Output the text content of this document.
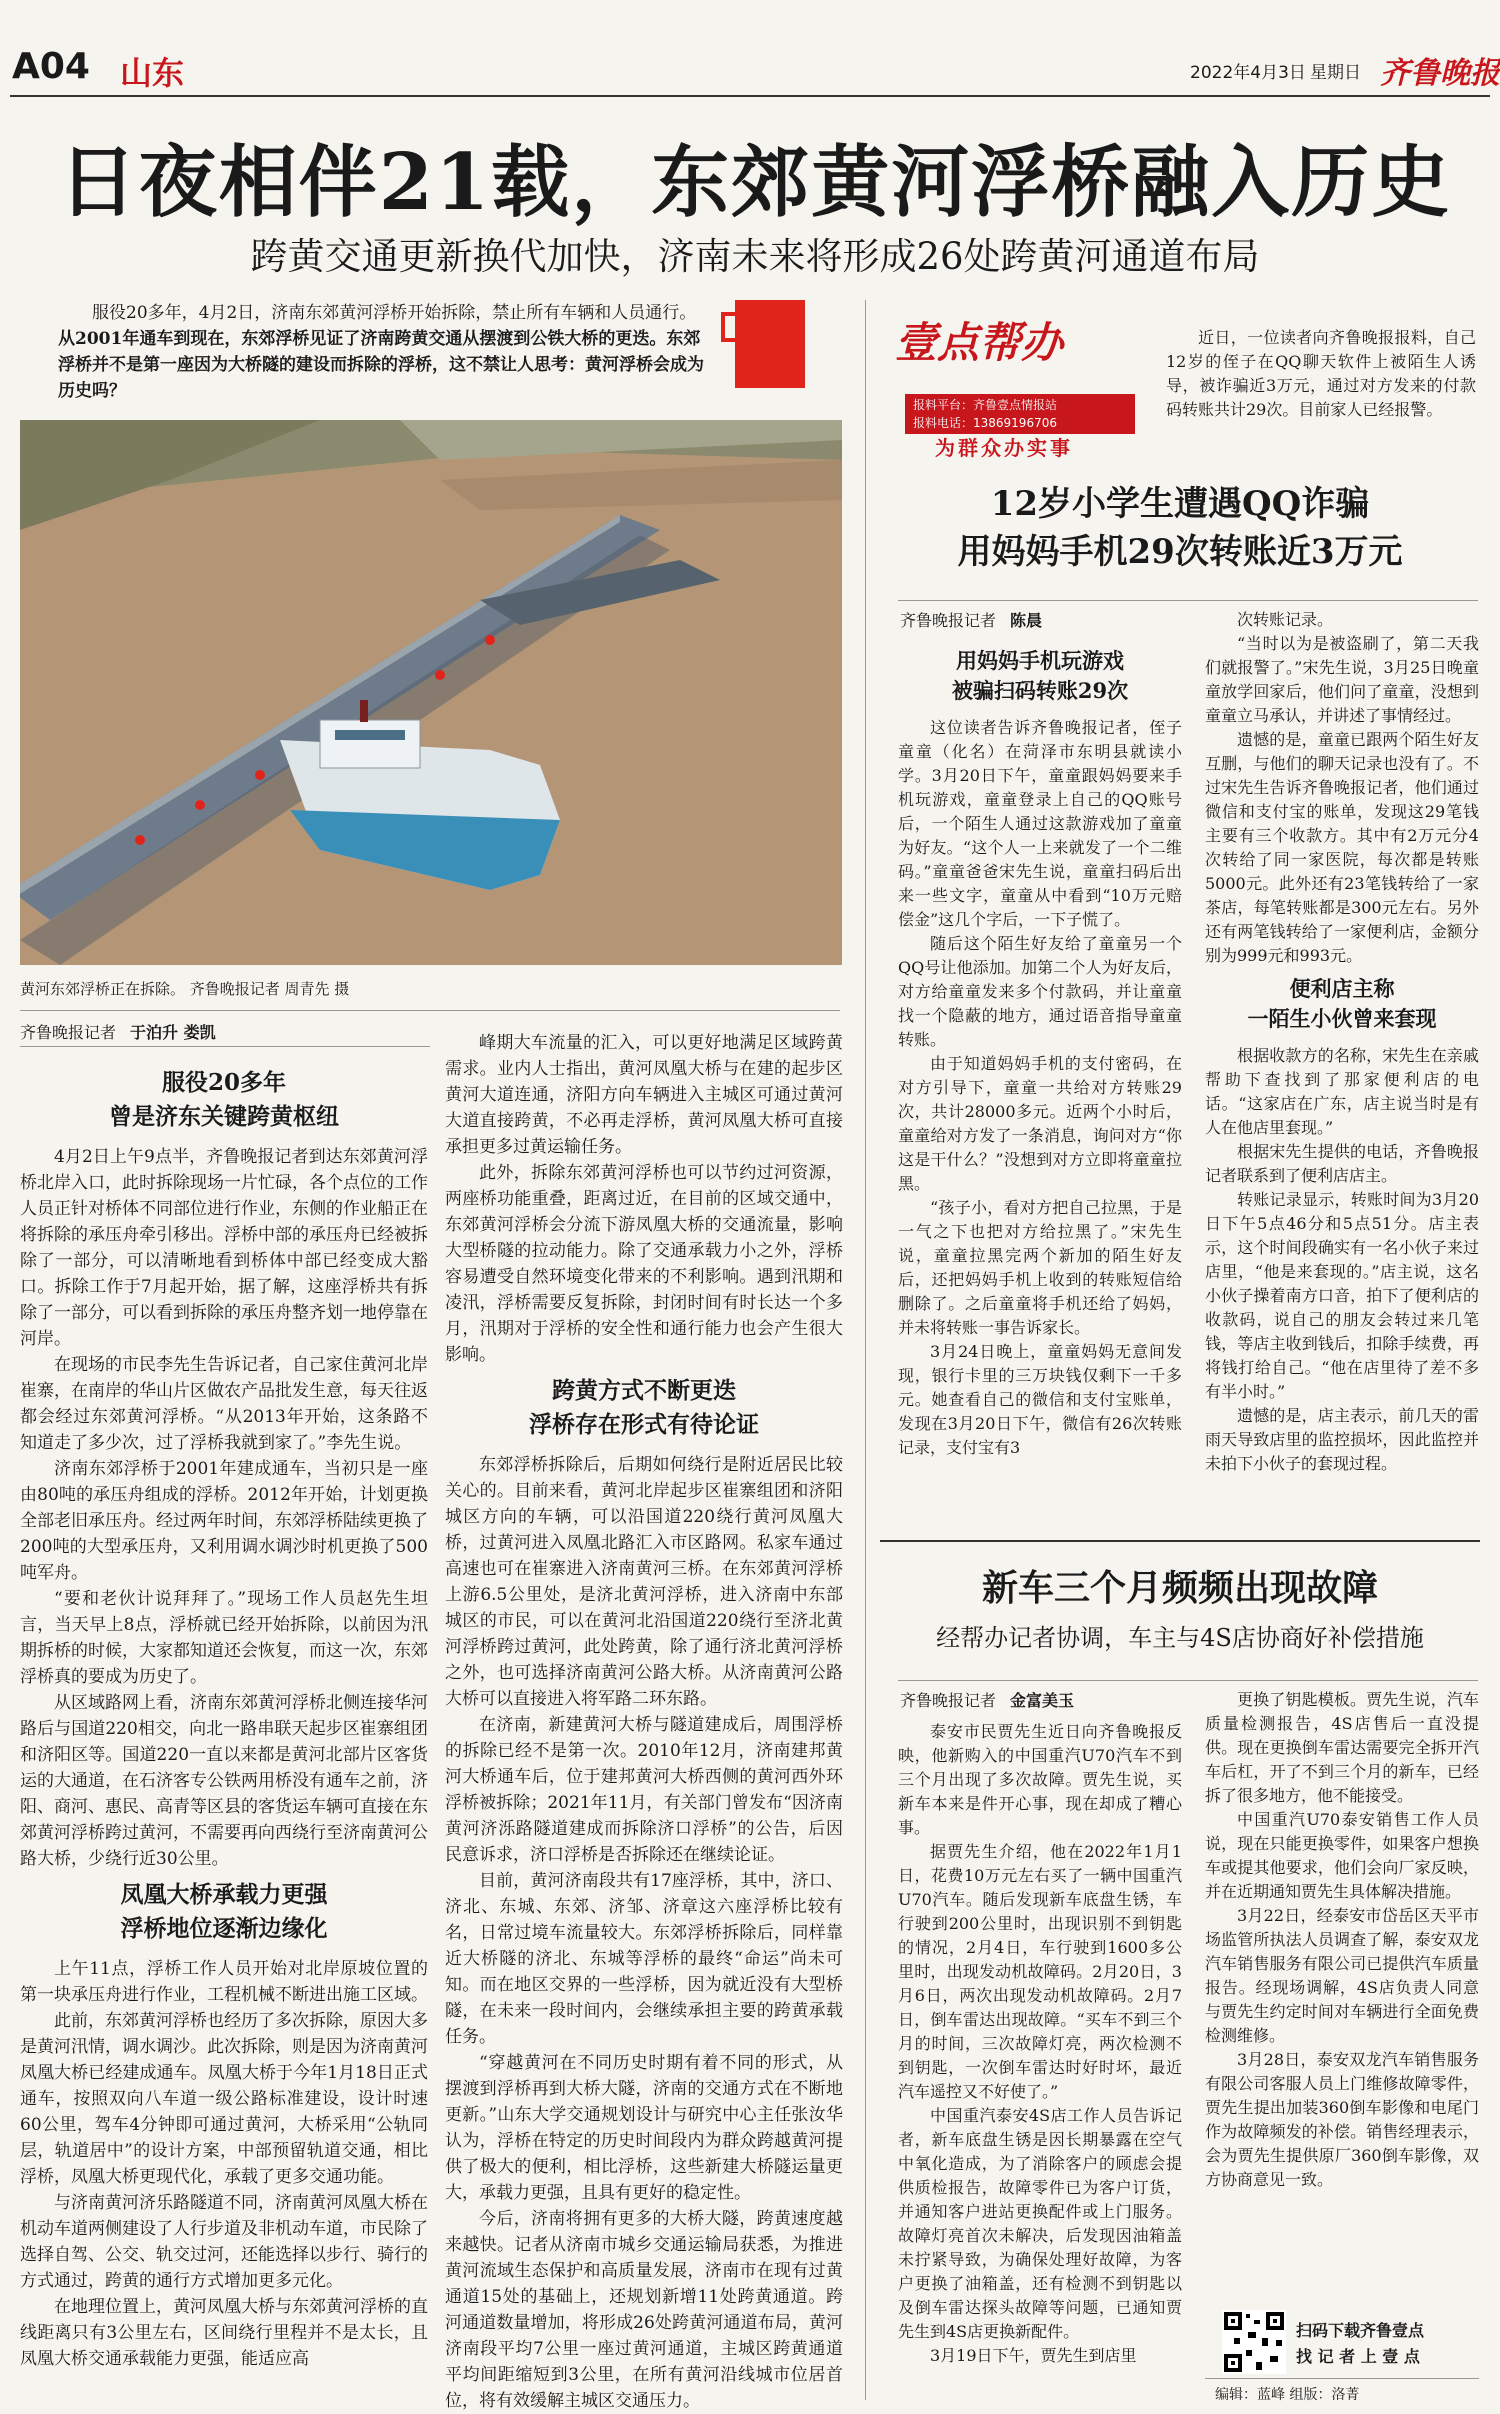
A04 山东	2022年4月3日 星期日 齐鲁晚报
日夜相伴21载，东郊黄河浮桥融入历史
跨黄交通更新换代加快，济南未来将形成26处跨黄河通道布局
服役20多年，4月2日，济南东郊黄河浮桥开始拆除，禁止所有车辆和人员通行。从2001年通车到现在，东郊浮桥见证了济南跨黄交通从摆渡到公铁大桥的更迭。东郊浮桥并不是第一座因为大桥隧的建设而拆除的浮桥，这不禁让人思考：黄河浮桥会成为历史吗？
黄河东郊浮桥正在拆除。 齐鲁晚报记者 周青先 摄
齐鲁晚报记者 于泊升 娄凯
服役20多年
曾是济东关键跨黄枢纽

4月2日上午9点半，齐鲁晚报记者到达东郊黄河浮桥北岸入口，此时拆除现场一片忙碌，各个点位的工作人员正针对桥体不同部位进行作业，东侧的作业船正在将拆除的承压舟牵引移出。浮桥中部的承压舟已经被拆除了一部分，可以清晰地看到桥体中部已经变成大豁口。拆除工作于7月起开始，据了解，这座浮桥共有拆除了一部分，可以看到拆除的承压舟整齐划一地停靠在河岸。

在现场的市民李先生告诉记者，自己家住黄河北岸崔寨，在南岸的华山片区做农产品批发生意，每天往返都会经过东郊黄河浮桥。“从2013年开始，这条路不知道走了多少次，过了浮桥我就到家了。”李先生说。

济南东郊浮桥于2001年建成通车，当初只是一座由80吨的承压舟组成的浮桥。2012年开始，计划更换全部老旧承压舟。经过两年时间，东郊浮桥陆续更换了200吨的大型承压舟，又利用调水调沙时机更换了500吨军舟。

“要和老伙计说拜拜了。”现场工作人员赵先生坦言，当天早上8点，浮桥就已经开始拆除，以前因为汛期拆桥的时候，大家都知道还会恢复，而这一次，东郊浮桥真的要成为历史了。

从区域路网上看，济南东郊黄河浮桥北侧连接华河路后与国道220相交，向北一路串联天起步区崔寨组团和济阳区等。国道220一直以来都是黄河北部片区客货运的大通道，在石济客专公铁两用桥没有通车之前，济阳、商河、惠民、高青等区县的客货运车辆可直接在东郊黄河浮桥跨过黄河，不需要再向西绕行至济南黄河公路大桥，少绕行近30公里。

凤凰大桥承载力更强
浮桥地位逐渐边缘化

上午11点，浮桥工作人员开始对北岸原坡位置的第一块承压舟进行作业，工程机械不断进出施工区域。

此前，东郊黄河浮桥也经历了多次拆除，原因大多是黄河汛情，调水调沙。此次拆除，则是因为济南黄河凤凰大桥已经建成通车。凤凰大桥于今年1月18日正式通车，按照双向八车道一级公路标准建设，设计时速60公里，驾车4分钟即可通过黄河，大桥采用“公轨同层，轨道居中”的设计方案，中部预留轨道交通，相比浮桥，凤凰大桥更现代化，承载了更多交通功能。

与济南黄河济乐路隧道不同，济南黄河凤凰大桥在机动车道两侧建设了人行步道及非机动车道，市民除了选择自驾、公交、轨交过河，还能选择以步行、骑行的方式通过，跨黄的通行方式增加更多元化。

在地理位置上，黄河凤凰大桥与东郊黄河浮桥的直线距离只有3公里左右，区间绕行里程并不是太长，且凤凰大桥交通承载能力更强，能适应高

峰期大车流量的汇入，可以更好地满足区域跨黄需求。业内人士指出，黄河凤凰大桥与在建的起步区黄河大道连通，济阳方向车辆进入主城区可通过黄河大道直接跨黄，不必再走浮桥，黄河凤凰大桥可直接承担更多过黄运输任务。

此外，拆除东郊黄河浮桥也可以节约过河资源，两座桥功能重叠，距离过近，在目前的区域交通中，东郊黄河浮桥会分流下游凤凰大桥的交通流量，影响大型桥隧的拉动能力。除了交通承载力小之外，浮桥容易遭受自然环境变化带来的不利影响。遇到汛期和凌汛，浮桥需要反复拆除，封闭时间有时长达一个多月，汛期对于浮桥的安全性和通行能力也会产生很大影响。

跨黄方式不断更迭
浮桥存在形式有待论证

东郊浮桥拆除后，后期如何绕行是附近居民比较关心的。目前来看，黄河北岸起步区崔寨组团和济阳城区方向的车辆，可以沿国道220绕行黄河凤凰大桥，过黄河进入凤凰北路汇入市区路网。私家车通过高速也可在崔寨进入济南黄河三桥。在东郊黄河浮桥上游6.5公里处，是济北黄河浮桥，进入济南中东部城区的市民，可以在黄河北沿国道220绕行至济北黄河浮桥跨过黄河，此处跨黄，除了通行济北黄河浮桥之外，也可选择济南黄河公路大桥。从济南黄河公路大桥可以直接进入将军路二环东路。

在济南，新建黄河大桥与隧道建成后，周围浮桥的拆除已经不是第一次。2010年12月，济南建邦黄河大桥通车后，位于建邦黄河大桥西侧的黄河西外环浮桥被拆除；2021年11月，有关部门曾发布“因济南黄河济泺路隧道建成而拆除济口浮桥”的公告，后因民意诉求，济口浮桥是否拆除还在继续论证。

目前，黄河济南段共有17座浮桥，其中，济口、济北、东城、东郊、济邹、济章这六座浮桥比较有名，日常过境车流量较大。东郊浮桥拆除后，同样靠近大桥隧的济北、东城等浮桥的最终“命运”尚未可知。而在地区交界的一些浮桥，因为就近没有大型桥隧，在未来一段时间内，会继续承担主要的跨黄承载任务。

“穿越黄河在不同历史时期有着不同的形式，从摆渡到浮桥再到大桥大隧，济南的交通方式在不断地更新。”山东大学交通规划设计与研究中心主任张汝华认为，浮桥在特定的历史时间段内为群众跨越黄河提供了极大的便利，相比浮桥，这些新建大桥隧运量更大，承载力更强，且具有更好的稳定性。

今后，济南将拥有更多的大桥大隧，跨黄速度越来越快。记者从济南市城乡交通运输局获悉，为推进黄河流域生态保护和高质量发展，济南市在现有过黄通道15处的基础上，还规划新增11处跨黄通道。跨河通道数量增加，将形成26处跨黄河通道布局，黄河济南段平均7公里一座过黄河通道，主城区跨黄通道平均间距缩短到3公里，在所有黄河沿线城市位居首位，将有效缓解主城区交通压力。

壹点帮办
报料平台：齐鲁壹点情报站
报料电话：13869196706
为群众办实事

近日，一位读者向齐鲁晚报报料，自己12岁的侄子在QQ聊天软件上被陌生人诱导，被诈骗近3万元，通过对方发来的付款码转账共计29次。目前家人已经报警。

12岁小学生遭遇QQ诈骗
用妈妈手机29次转账近3万元
齐鲁晚报记者 陈晨
用妈妈手机玩游戏
被骗扫码转账29次

这位读者告诉齐鲁晚报记者，侄子童童（化名）在菏泽市东明县就读小学。3月20日下午，童童跟妈妈要来手机玩游戏，童童登录上自己的QQ账号后，一个陌生人通过这款游戏加了童童为好友。“这个人一上来就发了一个二维码。”童童爸爸宋先生说，童童扫码后出来一些文字，童童从中看到“10万元赔偿金”这几个字后，一下子慌了。

随后这个陌生好友给了童童另一个QQ号让他添加。加第二个人为好友后，对方给童童发来多个付款码，并让童童找一个隐蔽的地方，通过语音指导童童转账。

由于知道妈妈手机的支付密码，在对方引导下，童童一共给对方转账29次，共计28000多元。近两个小时后，童童给对方发了一条消息，询问对方“你这是干什么？”没想到对方立即将童童拉黑。

“孩子小，看对方把自己拉黑，于是一气之下也把对方给拉黑了。”宋先生说，童童拉黑完两个新加的陌生好友后，还把妈妈手机上收到的转账短信给删除了。之后童童将手机还给了妈妈，并未将转账一事告诉家长。

3月24日晚上，童童妈妈无意间发现，银行卡里的三万块钱仅剩下一千多元。她查看自己的微信和支付宝账单，发现在3月20日下午，微信有26次转账记录，支付宝有3

次转账记录。

“当时以为是被盗刷了，第二天我们就报警了。”宋先生说，3月25日晚童童放学回家后，他们问了童童，没想到童童立马承认，并讲述了事情经过。

遗憾的是，童童已跟两个陌生好友互删，与他们的聊天记录也没有了。不过宋先生告诉齐鲁晚报记者，他们通过微信和支付宝的账单，发现这29笔钱主要有三个收款方。其中有2万元分4次转给了同一家医院，每次都是转账5000元。此外还有23笔钱转给了一家茶店，每笔转账都是300元左右。另外还有两笔钱转给了一家便利店，金额分别为999元和993元。

便利店主称
一陌生小伙曾来套现

根据收款方的名称，宋先生在亲戚帮助下查找到了那家便利店的电话。“这家店在广东，店主说当时是有人在他店里套现。”

根据宋先生提供的电话，齐鲁晚报记者联系到了便利店店主。

转账记录显示，转账时间为3月20日下午5点46分和5点51分。店主表示，这个时间段确实有一名小伙子来过店里，“他是来套现的。”店主说，这名小伙子操着南方口音，拍下了便利店的收款码，说自己的朋友会转过来几笔钱，等店主收到钱后，扣除手续费，再将钱打给自己。“他在店里待了差不多有半小时。”

遗憾的是，店主表示，前几天的雷雨天导致店里的监控损坏，因此监控并未拍下小伙子的套现过程。

新车三个月频频出现故障
经帮办记者协调，车主与4S店协商好补偿措施
齐鲁晚报记者 金富美玉

泰安市民贾先生近日向齐鲁晚报反映，他新购入的中国重汽U70汽车不到三个月出现了多次故障。贾先生说，买新车本来是件开心事，现在却成了糟心事。

据贾先生介绍，他在2022年1月1日，花费10万元左右买了一辆中国重汽U70汽车。随后发现新车底盘生锈，车行驶到200公里时，出现识别不到钥匙的情况，2月4日，车行驶到1600多公里时，出现发动机故障码。2月20日，3月6日，两次出现发动机故障码。2月7日，倒车雷达出现故障。“买车不到三个月的时间，三次故障灯亮，两次检测不到钥匙，一次倒车雷达时好时坏，最近汽车遥控又不好使了。”

中国重汽泰安4S店工作人员告诉记者，新车底盘生锈是因长期暴露在空气中氧化造成，为了消除客户的顾虑会提供质检报告，故障零件已为客户订货，并通知客户进站更换配件或上门服务。故障灯亮首次未解决，后发现因油箱盖未拧紧导致，为确保处理好故障，为客户更换了油箱盖，还有检测不到钥匙以及倒车雷达探头故障等问题，已通知贾先生到4S店更换新配件。

3月19日下午，贾先生到店里

更换了钥匙模板。贾先生说，汽车质量检测报告，4S店售后一直没提供。现在更换倒车雷达需要完全拆开汽车后杠，开了不到三个月的新车，已经拆了很多地方，他不能接受。

中国重汽U70泰安销售工作人员说，现在只能更换零件，如果客户想换车或提其他要求，他们会向厂家反映，并在近期通知贾先生具体解决措施。

3月22日，经泰安市岱岳区天平市场监管所执法人员调查了解，泰安双龙汽车销售服务有限公司已提供汽车质量报告。经现场调解，4S店负责人同意与贾先生约定时间对车辆进行全面免费检测维修。

3月28日，泰安双龙汽车销售服务有限公司客服人员上门维修故障零件，贾先生提出加装360倒车影像和电尾门作为故障频发的补偿。销售经理表示，会为贾先生提供原厂360倒车影像，双方协商意见一致。

扫码下载齐鲁壹点
找 记 者 上 壹 点
编辑：蓝峰 组版：洛菁
